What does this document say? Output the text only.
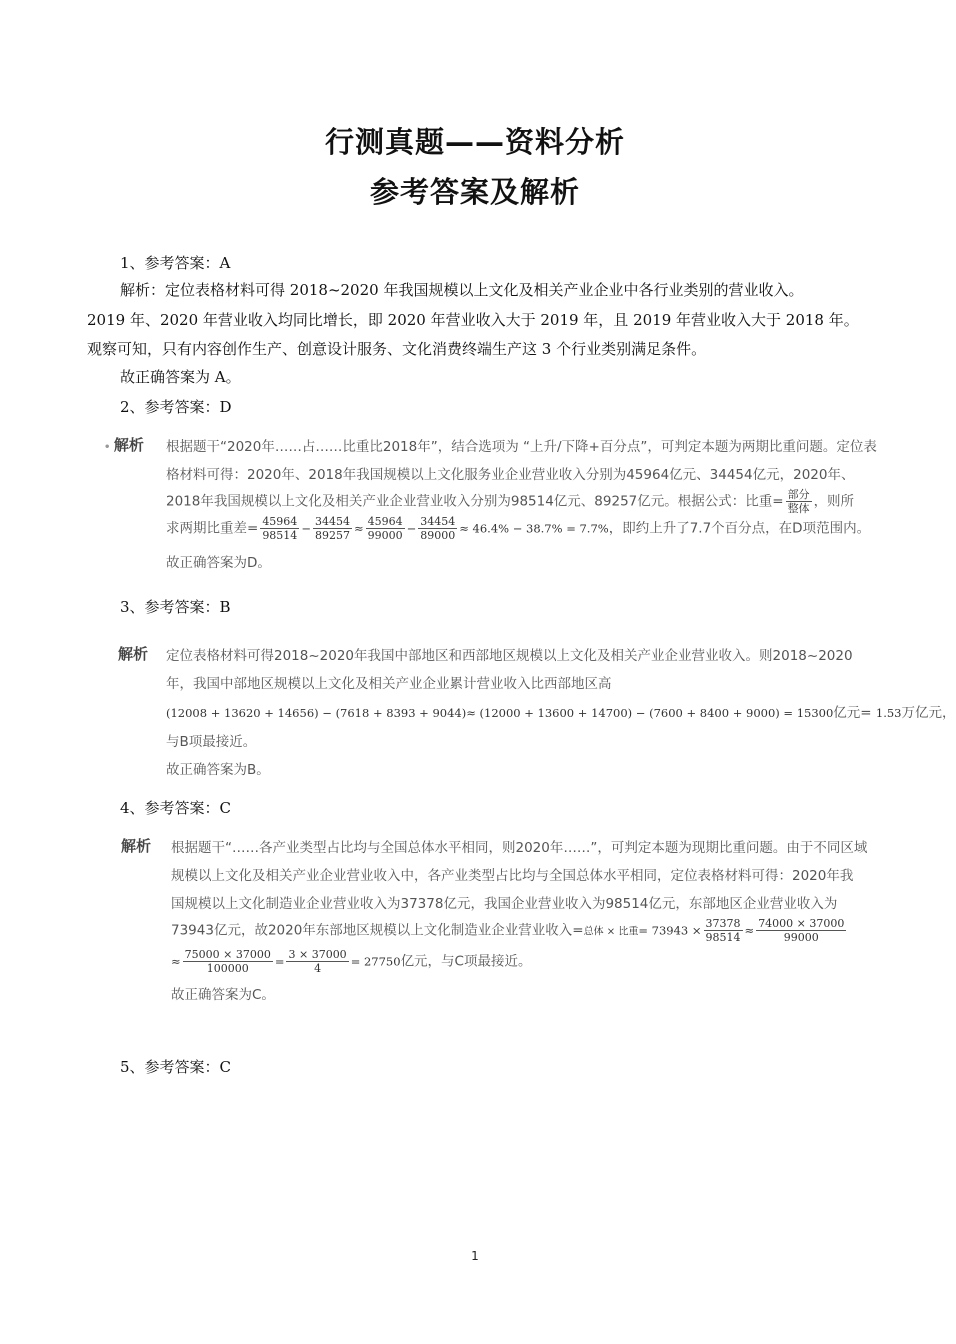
行测真题——资料分析
参考答案及解析
1、参考答案：A
解析：定位表格材料可得 2018~2020 年我国规模以上文化及相关产业企业中各行业类别的营业收入。
2019 年、2020 年营业收入均同比增长，即 2020 年营业收入大于 2019 年，且 2019 年营业收入大于 2018 年。
观察可知，只有内容创作生产、创意设计服务、文化消费终端生产这 3 个行业类别满足条件。
故正确答案为 A。
2、参考答案：D
• 解析 根据题干“2020年……占……比重比2018年”，结合选项为 “上升/下降+百分点”，可判定本题为两期比重问题。定位表
格材料可得：2020年、2018年我国规模以上文化服务业企业营业收入分别为45964亿元、34454亿元，2020年、
2018年我国规模以上文化及相关产业企业营业收入分别为98514亿元、89257亿元。根据公式：比重= $\frac{\text{部分}}{\text{整体}}$ ，则所
求两期比重差= $\frac{45964}{98514} - \frac{34454}{89257} \approx \frac{45964}{99000} - \frac{34454}{89000} \approx 46.4\% - 38.7\% = 7.7\%$，即约上升了7.7个百分点，在D项范围内。
故正确答案为D。
3、参考答案：B
解析 定位表格材料可得2018~2020年我国中部地区和西部地区规模以上文化及相关产业企业营业收入。则2018~2020
年，我国中部地区规模以上文化及相关产业企业累计营业收入比西部地区高
(12008 + 13620 + 14656) − (7618 + 8393 + 9044)≈ (12000 + 13600 + 14700) − (7600 + 8400 + 9000) = 15300亿元= 1.53万亿元，
与B项最接近。
故正确答案为B。
4、参考答案：C
解析 根据题干“……各产业类型占比均与全国总体水平相同，则2020年……”，可判定本题为现期比重问题。由于不同区域
规模以上文化及相关产业企业营业收入中，各产业类型占比均与全国总体水平相同，定位表格材料可得：2020年我
国规模以上文化制造业企业营业收入为37378亿元，我国企业营业收入为98514亿元，东部地区企业营业收入为
73943亿元，故2020年东部地区规模以上文化制造业企业营业收入=总体 × 比重= $73943 \times \frac{37378}{98514} \approx \frac{74000 \times 37000}{99000}$
≈ $\frac{75000 \times 37000}{100000} = \frac{3 \times 37000}{4} = 27750$亿元，与C项最接近。
故正确答案为C。
5、参考答案：C
1
